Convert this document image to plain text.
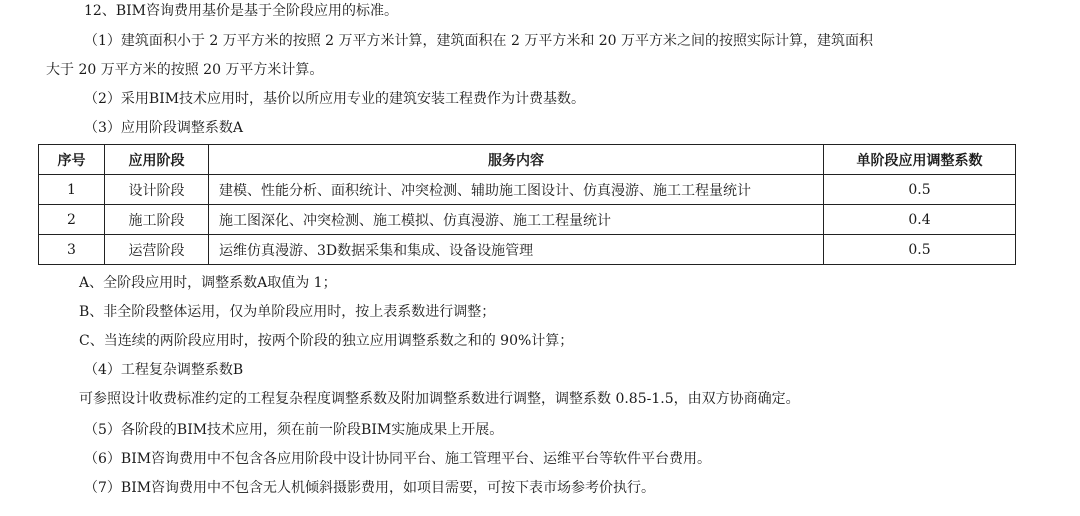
12、BIM咨询费用基价是基于全阶段应用的标准。
（1）建筑面积小于 2 万平方米的按照 2 万平方米计算，建筑面积在 2 万平方米和 20 万平方米之间的按照实际计算，建筑面积
大于 20 万平方米的按照 20 万平方米计算。
（2）采用BIM技术应用时，基价以所应用专业的建筑安装工程费作为计费基数。
（3）应用阶段调整系数A
序号	应用阶段	服务内容	单阶段应用调整系数
1	设计阶段	建模、性能分析、面积统计、冲突检测、辅助施工图设计、仿真漫游、施工工程量统计	0.5
2	施工阶段	施工图深化、冲突检测、施工模拟、仿真漫游、施工工程量统计	0.4
3	运营阶段	运维仿真漫游、3D数据采集和集成、设备设施管理	0.5
A、全阶段应用时，调整系数A取值为 1；
B、非全阶段整体运用，仅为单阶段应用时，按上表系数进行调整；
C、当连续的两阶段应用时，按两个阶段的独立应用调整系数之和的 90%计算；
（4）工程复杂调整系数B
可参照设计收费标准约定的工程复杂程度调整系数及附加调整系数进行调整，调整系数 0.85-1.5，由双方协商确定。
（5）各阶段的BIM技术应用，须在前一阶段BIM实施成果上开展。
（6）BIM咨询费用中不包含各应用阶段中设计协同平台、施工管理平台、运维平台等软件平台费用。
（7）BIM咨询费用中不包含无人机倾斜摄影费用，如项目需要，可按下表市场参考价执行。
